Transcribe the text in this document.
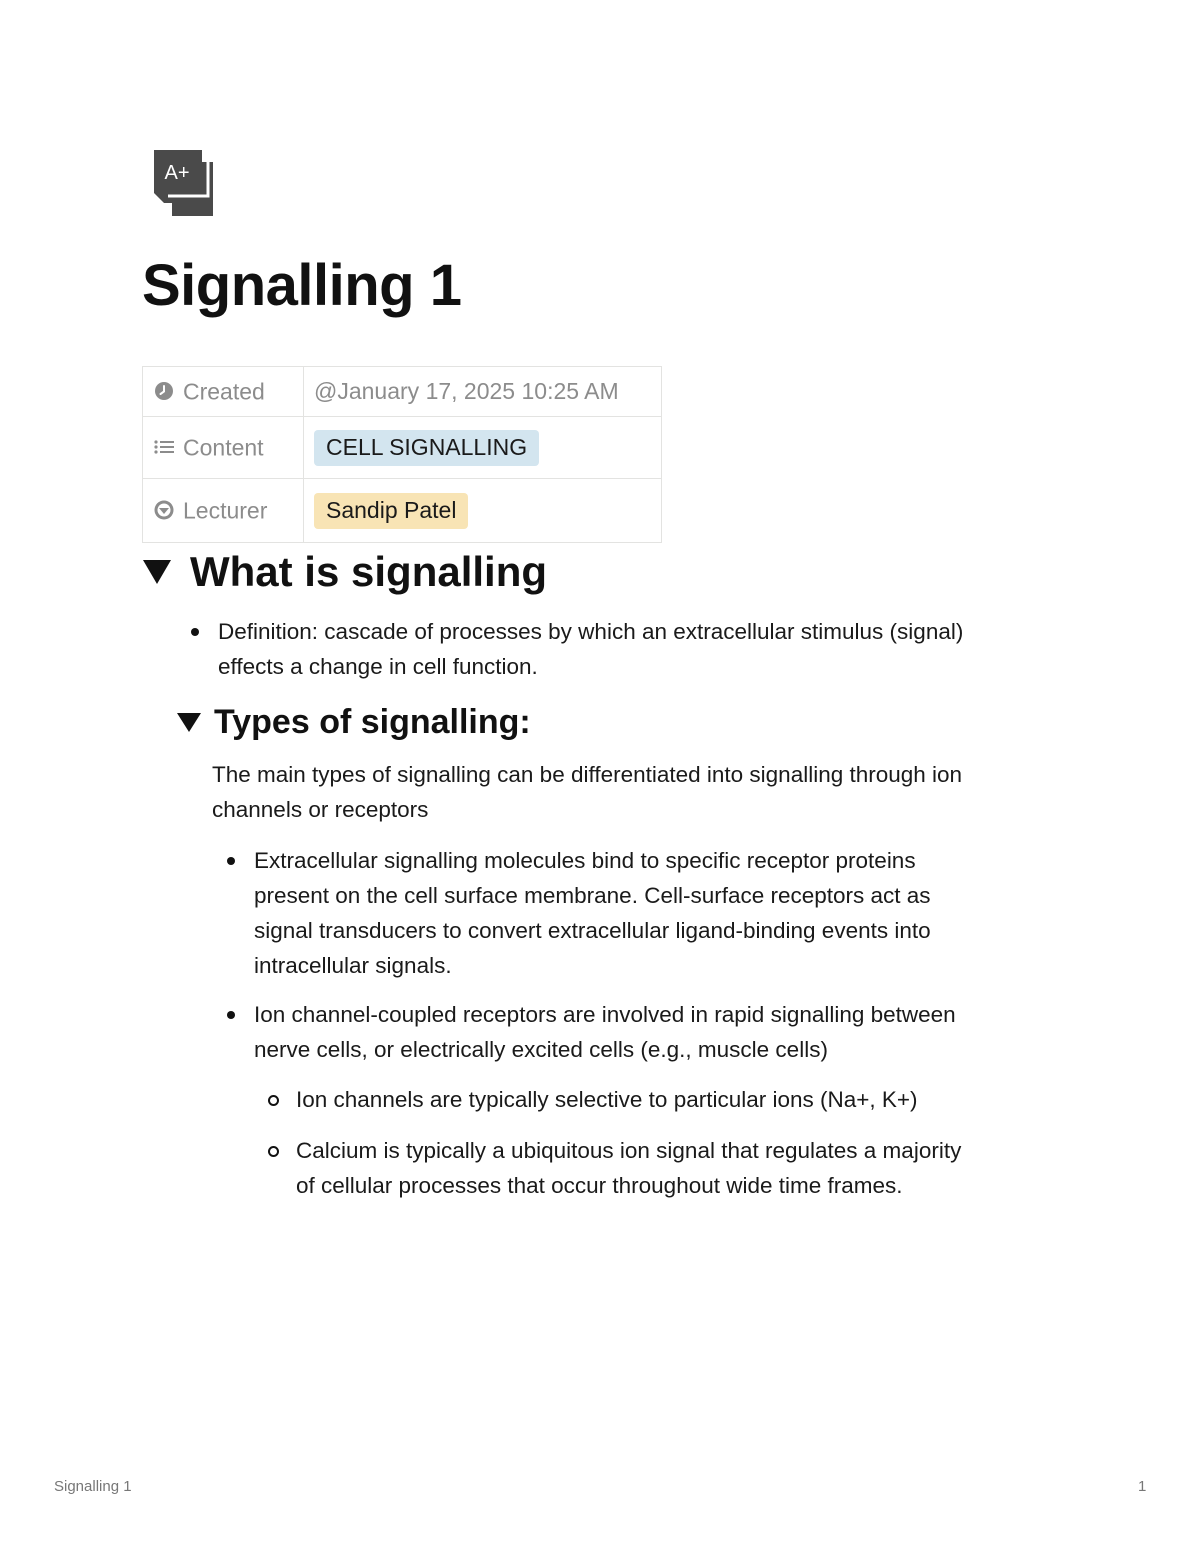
A+
Signalling 1
Created	@January 17, 2025 10:25 AM
Content	CELL SIGNALLING
Lecturer	Sandip Patel
What is signalling
Definition: cascade of processes by which an extracellular stimulus (signal)
effects a change in cell function.
Types of signalling:
The main types of signalling can be differentiated into signalling through ion
channels or receptors
Extracellular signalling molecules bind to specific receptor proteins
present on the cell surface membrane. Cell-surface receptors act as
signal transducers to convert extracellular ligand-binding events into
intracellular signals.
Ion channel-coupled receptors are involved in rapid signalling between
nerve cells, or electrically excited cells (e.g., muscle cells)
Ion channels are typically selective to particular ions (Na+, K+)
Calcium is typically a ubiquitous ion signal that regulates a majority
of cellular processes that occur throughout wide time frames.
Signalling 1	1
